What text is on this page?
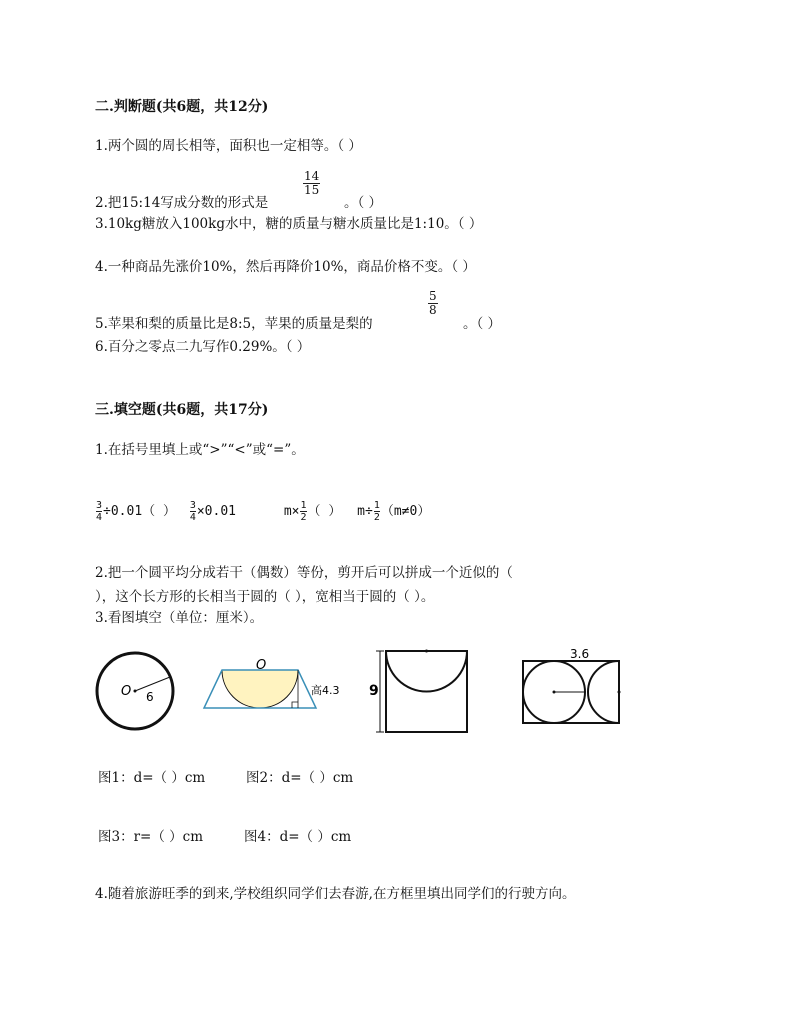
二.判断题(共6题，共12分)
1.两个圆的周长相等，面积也一定相等。（ ）
2.把15:14写成分数的形式是
$\frac{14}{15}$
。（ ）
3.10kg糖放入100kg水中，糖的质量与糖水质量比是1:10。（ ）
4.一种商品先涨价10%，然后再降价10%，商品价格不变。（ ）
5.苹果和梨的质量比是8:5，苹果的质量是梨的
$\frac{5}{8}$
。（ ）
6.百分之零点二九写作0.29%。（ ）
三.填空题(共6题，共17分)
1.在括号里填上或“>”“<”或“=”。
$\frac{3}{4} \div 0.01$（ ） $\frac{3}{4} \times 0.01$	$m\times \frac{1}{2}$ （ ） $m\div \frac{1}{2} (m\ne 0)$
2.把一个圆平均分成若干（偶数）等份，剪开后可以拼成一个近似的（
），这个长方形的长相当于圆的（ ），宽相当于圆的（ ）。
3.看图填空（单位：厘米）。
O 6
O
高4.3 9
3.6
图1：d=（ ）cm	图2：d=（ ）cm
图3：r=（ ）cm	图4：d=（ ）cm
4.随着旅游旺季的到来,学校组织同学们去春游,在方框里填出同学们的行驶方向。
